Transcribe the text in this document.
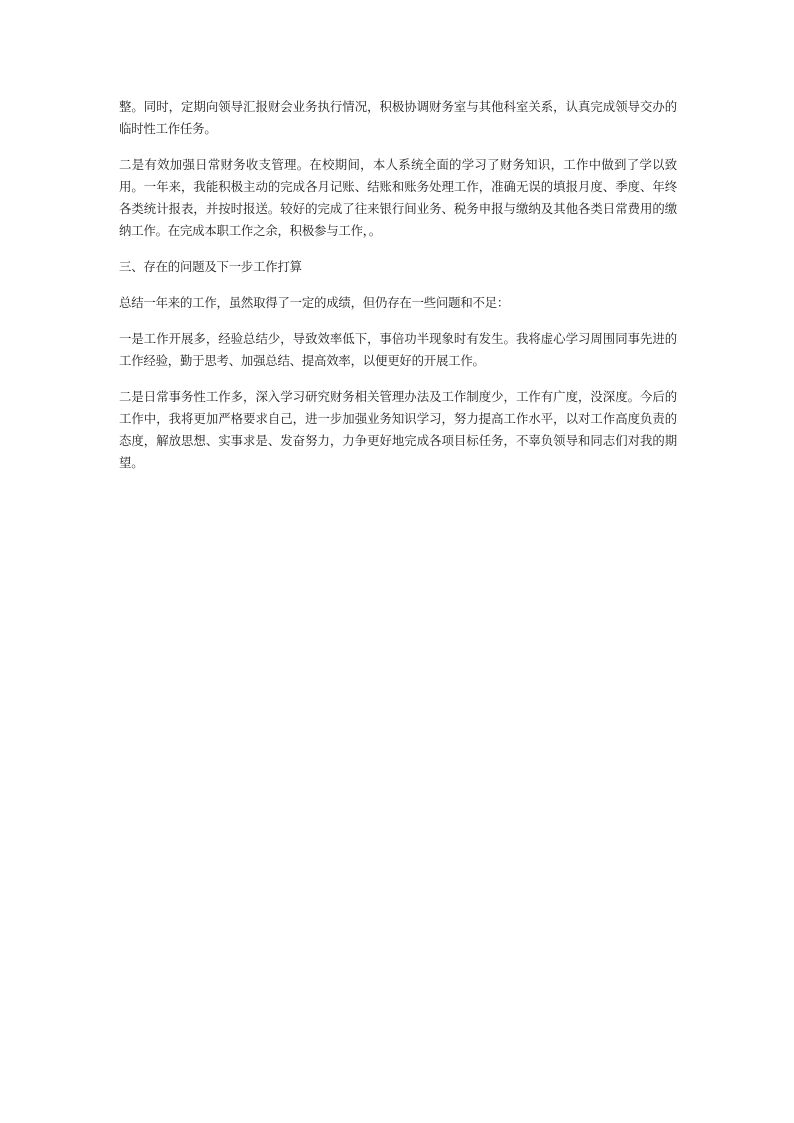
整。同时，定期向领导汇报财会业务执行情况，积极协调财务室与其他科室关系，认真完成领导交办的临时性工作任务。

二是有效加强日常财务收支管理。在校期间，本人系统全面的学习了财务知识，工作中做到了学以致用。一年来，我能积极主动的完成各月记账、结账和账务处理工作，准确无误的填报月度、季度、年终各类统计报表，并按时报送。较好的完成了往来银行间业务、税务申报与缴纳及其他各类日常费用的缴纳工作。在完成本职工作之余，积极参与工作，。

三、存在的问题及下一步工作打算

总结一年来的工作，虽然取得了一定的成绩，但仍存在一些问题和不足：

一是工作开展多，经验总结少，导致效率低下，事倍功半现象时有发生。我将虚心学习周围同事先进的工作经验，勤于思考、加强总结、提高效率，以便更好的开展工作。

二是日常事务性工作多，深入学习研究财务相关管理办法及工作制度少，工作有广度，没深度。今后的工作中，我将更加严格要求自己，进一步加强业务知识学习，努力提高工作水平，以对工作高度负责的态度，解放思想、实事求是、发奋努力，力争更好地完成各项目标任务，不辜负领导和同志们对我的期望。
